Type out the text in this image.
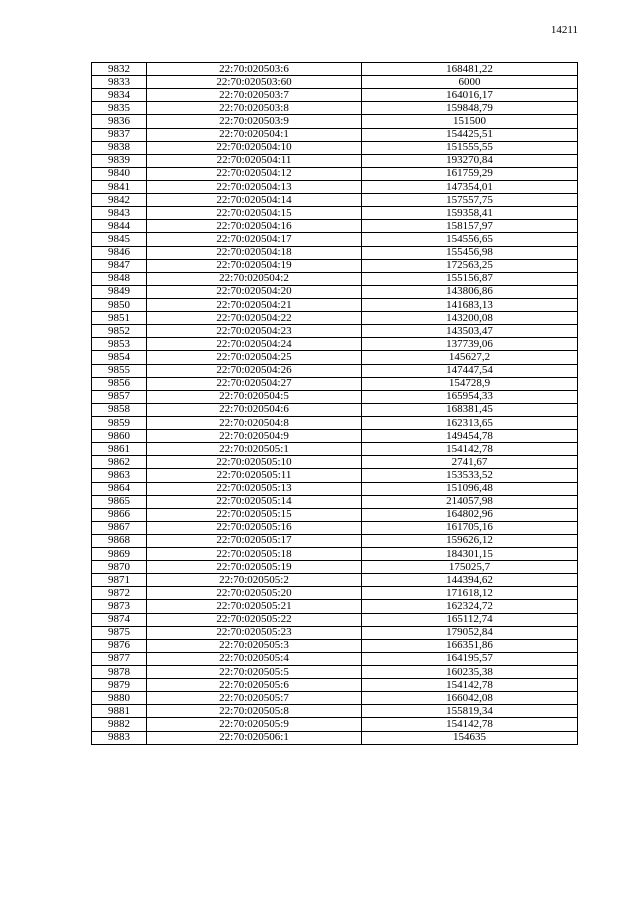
14211
9832	22:70:020503:6	168481,22
9833	22:70:020503:60	6000
9834	22:70:020503:7	164016,17
9835	22:70:020503:8	159848,79
9836	22:70:020503:9	151500
9837	22:70:020504:1	154425,51
9838	22:70:020504:10	151555,55
9839	22:70:020504:11	193270,84
9840	22:70:020504:12	161759,29
9841	22:70:020504:13	147354,01
9842	22:70:020504:14	157557,75
9843	22:70:020504:15	159358,41
9844	22:70:020504:16	158157,97
9845	22:70:020504:17	154556,65
9846	22:70:020504:18	155456,98
9847	22:70:020504:19	172563,25
9848	22:70:020504:2	155156,87
9849	22:70:020504:20	143806,86
9850	22:70:020504:21	141683,13
9851	22:70:020504:22	143200,08
9852	22:70:020504:23	143503,47
9853	22:70:020504:24	137739,06
9854	22:70:020504:25	145627,2
9855	22:70:020504:26	147447,54
9856	22:70:020504:27	154728,9
9857	22:70:020504:5	165954,33
9858	22:70:020504:6	168381,45
9859	22:70:020504:8	162313,65
9860	22:70:020504:9	149454,78
9861	22:70:020505:1	154142,78
9862	22:70:020505:10	2741,67
9863	22:70:020505:11	153533,52
9864	22:70:020505:13	151096,48
9865	22:70:020505:14	214057,98
9866	22:70:020505:15	164802,96
9867	22:70:020505:16	161705,16
9868	22:70:020505:17	159626,12
9869	22:70:020505:18	184301,15
9870	22:70:020505:19	175025,7
9871	22:70:020505:2	144394,62
9872	22:70:020505:20	171618,12
9873	22:70:020505:21	162324,72
9874	22:70:020505:22	165112,74
9875	22:70:020505:23	179052,84
9876	22:70:020505:3	166351,86
9877	22:70:020505:4	164195,57
9878	22:70:020505:5	160235,38
9879	22:70:020505:6	154142,78
9880	22:70:020505:7	166042,08
9881	22:70:020505:8	155819,34
9882	22:70:020505:9	154142,78
9883	22:70:020506:1	154635
